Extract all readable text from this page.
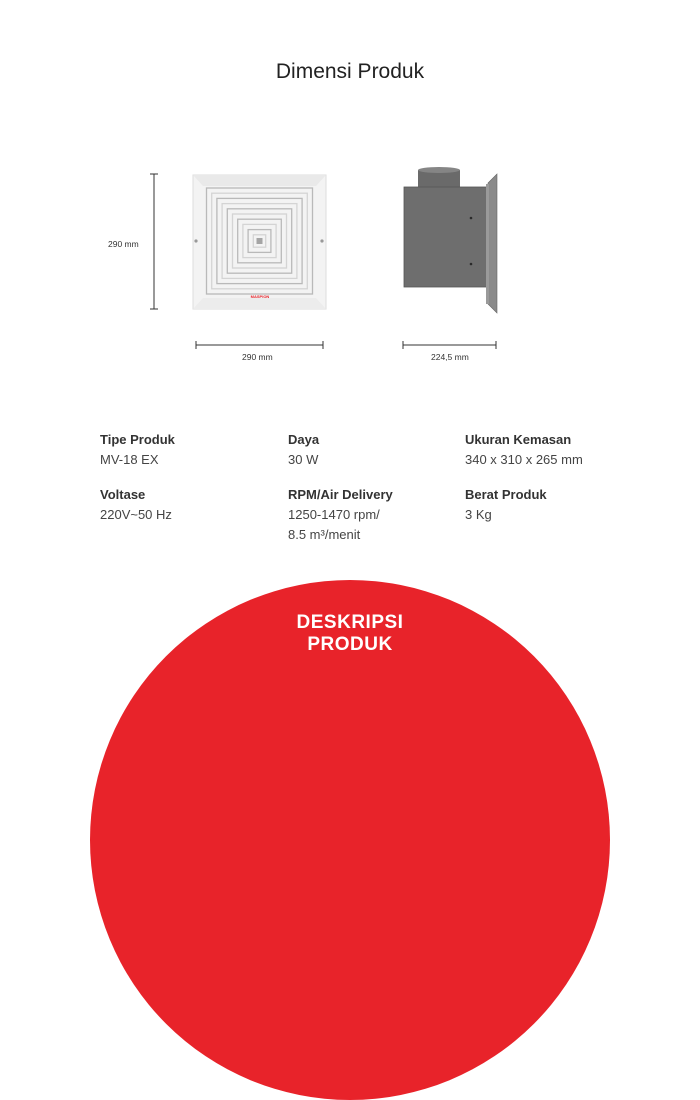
Dimensi Produk
MASPION
290 mm
290 mm	224,5 mm
Tipe Produk
MV-18 EX
Daya
30 W
Ukuran Kemasan
340 x 310 x 265 mm
Voltase
220V~50 Hz
RPM/Air Delivery
1250-1470 rpm/
8.5 m³/menit
Berat Produk
3 Kg
DESKRIPSI
PRODUK
